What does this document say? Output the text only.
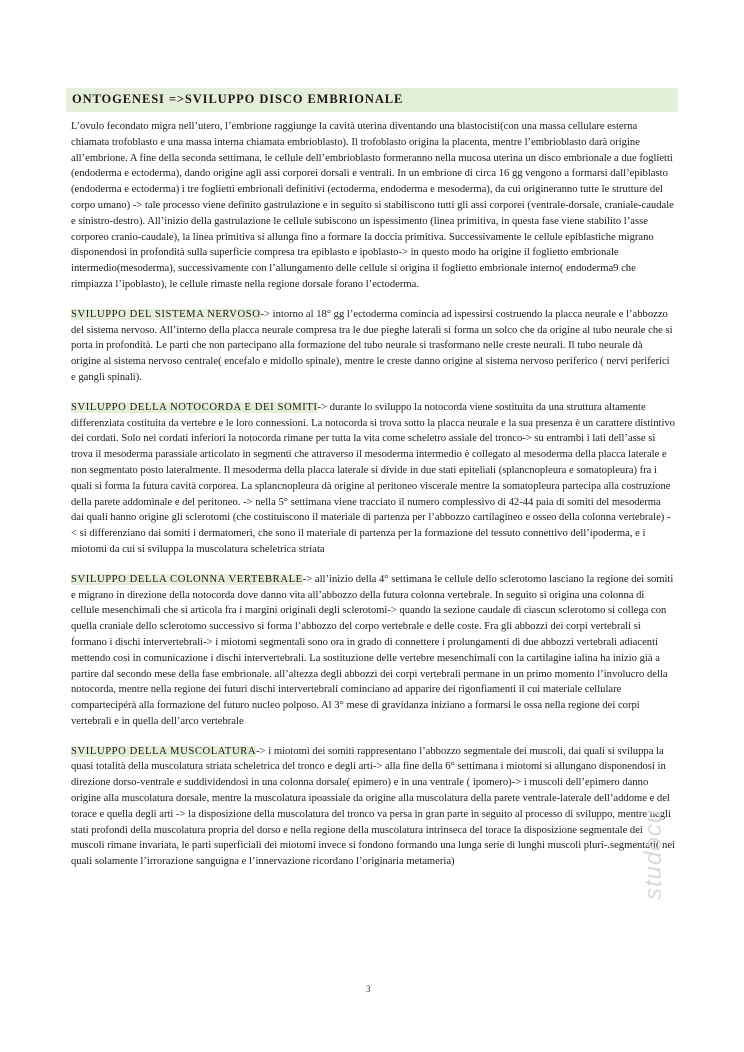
ONTOGENESI =>SVILUPPO DISCO EMBRIONALE

L’ovulo fecondato migra nell’utero, l’embrione raggiunge la cavità uterina diventando una blastocisti(con una massa cellulare esterna chiamata trofoblasto e una massa interna chiamata embrioblasto). Il trofoblasto origina la placenta, mentre l’embrioblasto darà origine all’embrione. A fine della seconda settimana, le cellule dell’embrioblasto formeranno nella mucosa uterina un disco embrionale a due foglietti (endoderma e ectoderma), dando origine agli assi corporei dorsali e ventrali. In un embrione di circa 16 gg vengono a formarsi dall’epiblasto (endoderma e ectoderma) i tre foglietti embrionali definitivi (ectoderma, endoderma e mesoderma), da cui origineranno tutte le strutture del corpo umano) -> tale processo viene definito gastrulazione e in seguito si stabiliscono tutti gli assi corporei (ventrale-dorsale, craniale-caudale e sinistro-destro). All’inizio della gastrulazione le cellule subiscono un ispessimento (linea primitiva, in questa fase viene stabilito l’asse corporeo cranio-caudale), la linea primitiva si allunga fino a formare la doccia primitiva. Successivamente le cellule epiblastiche migrano disponendosi in profondità sulla superficie compresa tra epiblasto e ipoblasto-> in questo modo ha origine il foglietto embrionale intermedio(mesoderma), successivamente con l’allungamento delle cellule si origina il foglietto embrionale interno( endoderma9 che rimpiazza l’ipoblasto), le cellule rimaste nella regione dorsale forano l’ectoderma.

SVILUPPO DEL SISTEMA NERVOSO-> intorno al 18° gg l’ectoderma comincia ad ispessirsi costruendo la placca neurale e l’abbozzo del sistema nervoso. All’interno della placca neurale compresa tra le due pieghe laterali si forma un solco che da origine al tubo neurale che si porta in profondità. Le parti che non partecipano alla formazione del tubo neurale si trasformano nelle creste neurali. Il tubo neurale dà origine al sistema nervoso centrale( encefalo e midollo spinale), mentre le creste danno origine al sistema nervoso periferico ( nervi periferici e gangli spinali).

SVILUPPO DELLA NOTOCORDA E DEI SOMITI-> durante lo sviluppo la notocorda viene sostituita da una struttura altamente differenziata costituita da vertebre e le loro connessioni. La notocorda si trova sotto la placca neurale e la sua presenza è un carattere distintivo dei cordati. Solo nei cordati inferiori la notocorda rimane per tutta la vita come scheletro assiale del tronco-> su entrambi i lati dell’asse si trova il mesoderma parassiale articolato in segmenti che attraverso il mesoderma intermedio è collegato al mesoderma della placca laterale e non segmentato posto lateralmente. Il mesoderma della placca laterale si divide in due stati epiteliali (splancnopleura e somatopleura) fra i quali si forma la futura cavità corporea. La splancnopleura dà origine al peritoneo viscerale mentre la somatopleura partecipa alla costruzione della parete addominale e del peritoneo. -> nella 5° settimana viene tracciato il numero complessivo di 42-44 paia di somiti del mesoderma dai quali hanno origine gli sclerotomi (che costituiscono il materiale di partenza per l’abbozzo cartilagineo e osseo della colonna vertebrale) -< si differenziano dai somiti i dermatomeri, che sono il materiale di partenza per la formazione del tessuto connettivo dell’ipoderma, e i miotomi da cui si sviluppa la muscolatura scheletrica striata

SVILUPPO DELLA COLONNA VERTEBRALE-> all’inizio della 4° settimana le cellule dello sclerotomo lasciano la regione dei somiti e migrano in direzione della notocorda dove danno vita all’abbozzo della futura colonna vertebrale. In seguito si origina una colonna di cellule mesenchimali che si articola fra i margini originali degli sclerotomi-> quando la sezione caudale di ciascun sclerotomo si collega con quella craniale dello sclerotomo successivo si forma l’abbozzo del corpo vertebrale e delle coste. Fra gli abbozzi dei corpi vertebrali si formano i dischi intervertebrali-> i miotomi segmentali sono ora in grado di connettere i prolungamenti di due abbozzi vertebrali adiacenti mettendo così in comunicazione i dischi intervertebrali. La sostituzione delle vertebre mesenchimali con la cartilagine ialina ha inizio già a partire dal secondo mese della fase embrionale. all’altezza degli abbozzi dei corpi vertebrali permane in un primo momento l’involucro della notocorda, mentre nella regione dei futuri dischi intervertebrali cominciano ad apparire dei rigonfiamenti il cui materiale cellulare compartecipérà alla formazione del futuro nucleo polposo. Al 3° mese di gravidanza iniziano a formarsi le ossa nella regione dei corpi vertebrali e in quella dell’arco vertebrale

SVILUPPO DELLA MUSCOLATURA-> i miotomi dei somiti rappresentano l’abbozzo segmentale dei muscoli, dai quali si sviluppa la quasi totalità della muscolatura striata scheletrica del tronco e degli arti-> alla fine della 6° settimana i miotomi si allungano disponendosi in direzione dorso-ventrale e suddividendosi in una colonna dorsale( epimero) e in una ventrale ( ipomero)-> i muscoli dell’epimero danno origine alla muscolatura dorsale, mentre la muscolatura ipoassiale da origine alla muscolatura della parete ventrale-laterale dell’addome e del torace e quella degli arti -> la disposizione della muscolatura del tronco va persa in gran parte in seguito al processo di sviluppo, mentre negli stati profondi della muscolatura propria del dorso e nella regione della muscolatura intrinseca del torace la disposizione segmentale dei muscoli rimane invariata, le parti superficiali dei miotomi invece si fondono formando una lunga serie di lunghi muscoli pluri-.segmentati( nei quali solamente l’irrorazione sanguigna e l’innervazione ricordano l’originaria metameria)	studocu
3
